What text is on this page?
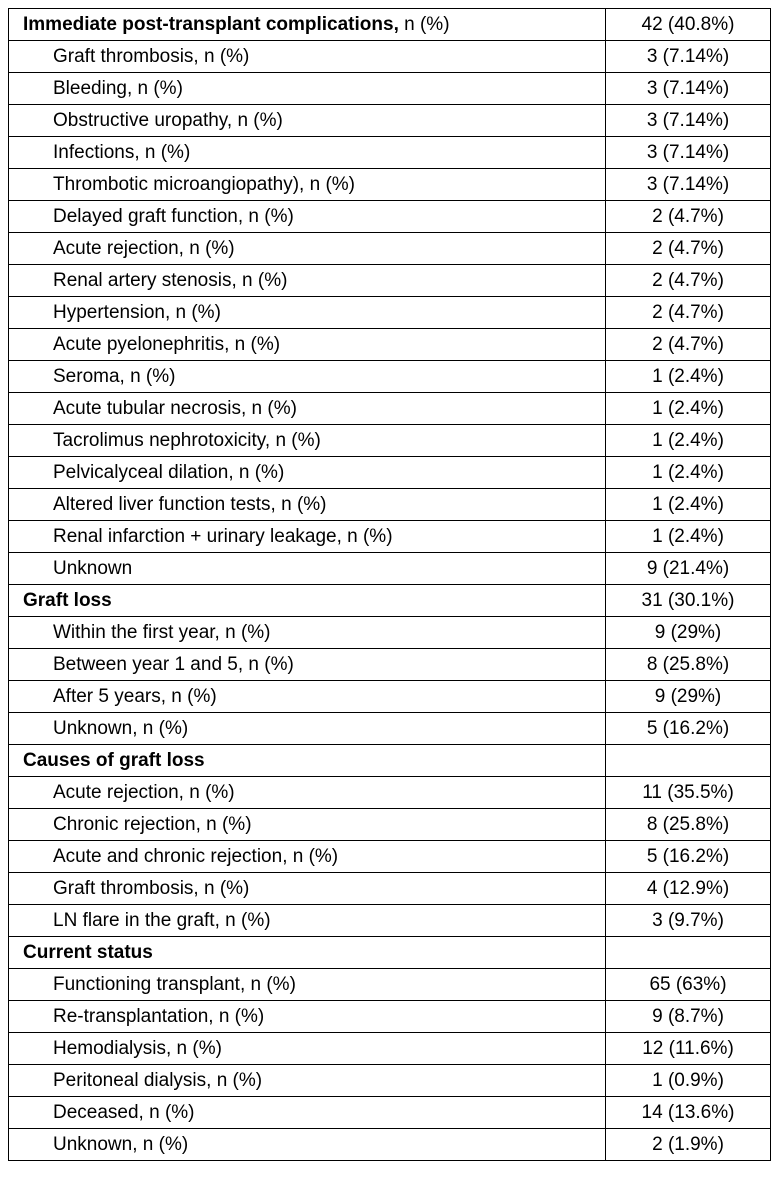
Immediate post-transplant complications, n (%)	42 (40.8%)
Graft thrombosis, n (%)	3 (7.14%)
Bleeding, n (%)	3 (7.14%)
Obstructive uropathy, n (%)	3 (7.14%)
Infections, n (%)	3 (7.14%)
Thrombotic microangiopathy), n (%)	3 (7.14%)
Delayed graft function, n (%)	2 (4.7%)
Acute rejection, n (%)	2 (4.7%)
Renal artery stenosis, n (%)	2 (4.7%)
Hypertension, n (%)	2 (4.7%)
Acute pyelonephritis, n (%)	2 (4.7%)
Seroma, n (%)	1 (2.4%)
Acute tubular necrosis, n (%)	1 (2.4%)
Tacrolimus nephrotoxicity, n (%)	1 (2.4%)
Pelvicalyceal dilation, n (%)	1 (2.4%)
Altered liver function tests, n (%)	1 (2.4%)
Renal infarction + urinary leakage, n (%)	1 (2.4%)
Unknown	9 (21.4%)
Graft loss	31 (30.1%)
Within the first year, n (%)	9 (29%)
Between year 1 and 5, n (%)	8 (25.8%)
After 5 years, n (%)	9 (29%)
Unknown, n (%)	5 (16.2%)
Causes of graft loss	
Acute rejection, n (%)	11 (35.5%)
Chronic rejection, n (%)	8 (25.8%)
Acute and chronic rejection, n (%)	5 (16.2%)
Graft thrombosis, n (%)	4 (12.9%)
LN flare in the graft, n (%)	3 (9.7%)
Current status	
Functioning transplant, n (%)	65 (63%)
Re-transplantation, n (%)	9 (8.7%)
Hemodialysis, n (%)	12 (11.6%)
Peritoneal dialysis, n (%)	1 (0.9%)
Deceased, n (%)	14 (13.6%)
Unknown, n (%)	2 (1.9%)
